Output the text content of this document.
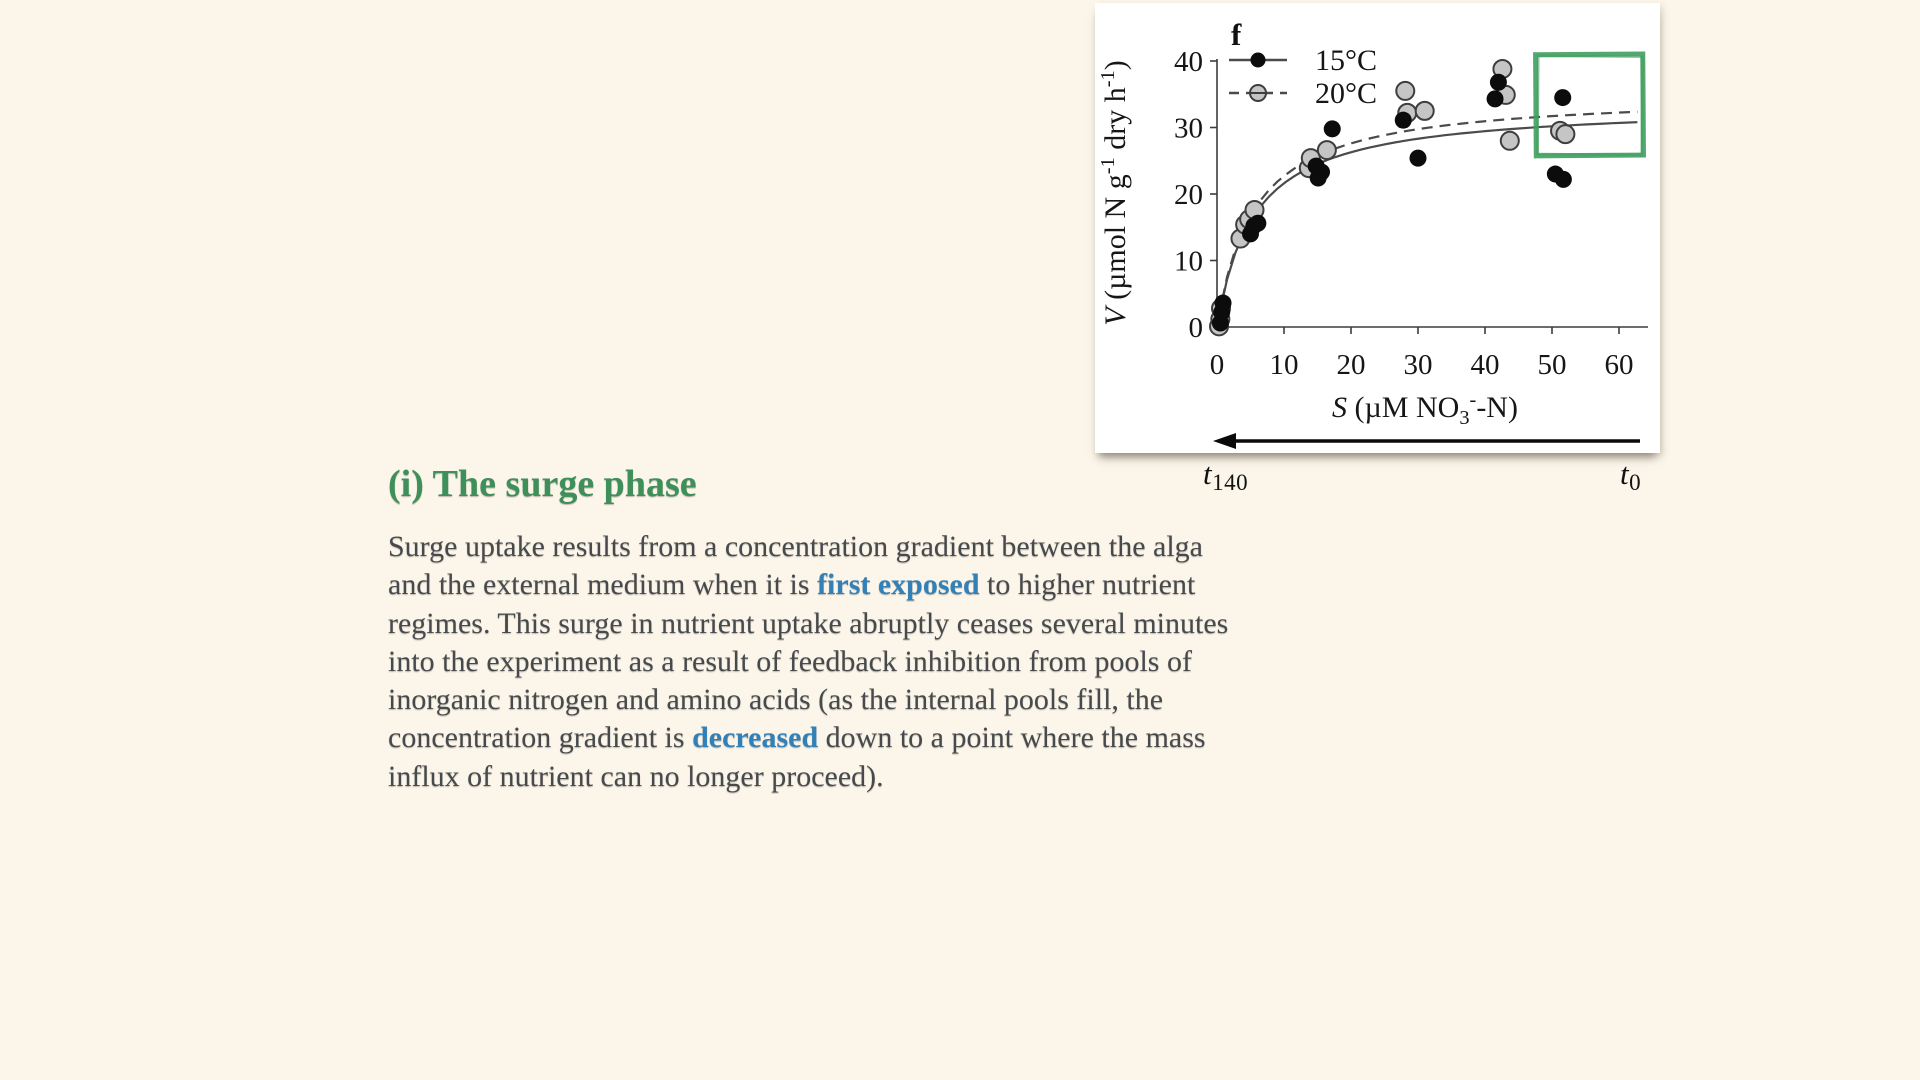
0
10
20
30
40
0 10 20 30 40 50 60
S (µM NO3--N)
V (µmol N g-1 dry h-1)
f
15°C
20°C
$t_{140}$	$t_0$
(i) The surge phase
Surge uptake results from a concentration gradient between the alga
and the external medium when it is first exposed to higher nutrient
regimes. This surge in nutrient uptake abruptly ceases several minutes
into the experiment as a result of feedback inhibition from pools of
inorganic nitrogen and amino acids (as the internal pools fill, the
concentration gradient is decreased down to a point where the mass
influx of nutrient can no longer proceed).
